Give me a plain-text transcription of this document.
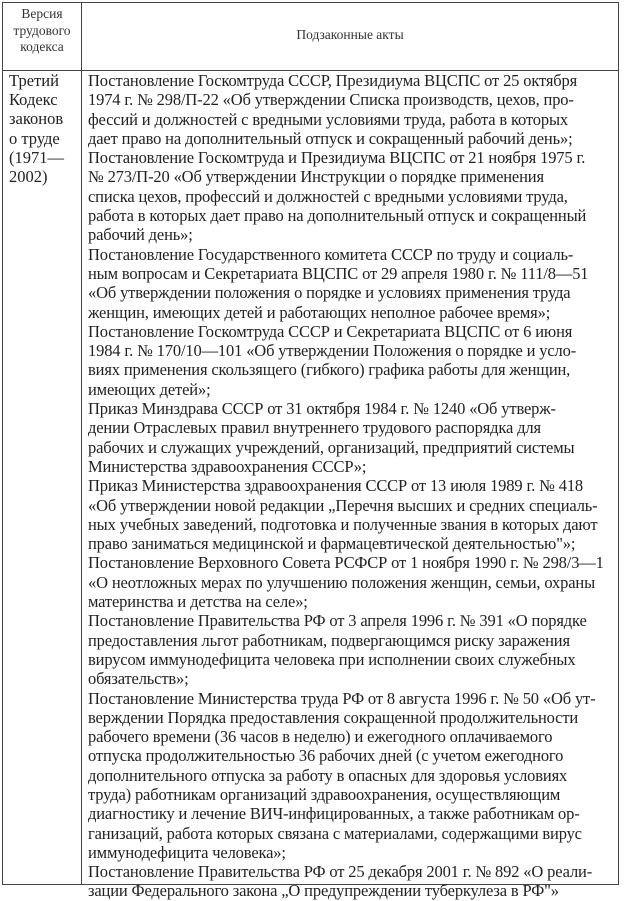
Версия
трудового
кодекса
Подзаконные акты
Третий
Кодекс
законов
о труде
(1971—
2002)
Постановление Госкомтруда СССР, Президиума ВЦСПС от 25 октября
1974 г. № 298/П-22 «Об утверждении Списка производств, цехов, про-
фессий и должностей с вредными условиями труда, работа в которых
дает право на дополнительный отпуск и сокращенный рабочий день»;
Постановление Госкомтруда и Президиума ВЦСПС от 21 ноября 1975 г.
№ 273/П-20 «Об утверждении Инструкции о порядке применения
списка цехов, профессий и должностей с вредными условиями труда,
работа в которых дает право на дополнительный отпуск и сокращенный
рабочий день»;
Постановление Государственного комитета СССР по труду и социаль-
ным вопросам и Секретариата ВЦСПС от 29 апреля 1980 г. № 111/8—51
«Об утверждении положения о порядке и условиях применения труда
женщин, имеющих детей и работающих неполное рабочее время»;
Постановление Госкомтруда СССР и Секретариата ВЦСПС от 6 июня
1984 г. № 170/10—101 «Об утверждении Положения о порядке и усло-
виях применения скользящего (гибкого) графика работы для женщин,
имеющих детей»;
Приказ Минздрава СССР от 31 октября 1984 г. № 1240 «Об утверж-
дении Отраслевых правил внутреннего трудового распорядка для
рабочих и служащих учреждений, организаций, предприятий системы
Министерства здравоохранения СССР»;
Приказ Министерства здравоохранения СССР от 13 июля 1989 г. № 418
«Об утверждении новой редакции „Перечня высших и средних специаль-
ных учебных заведений, подготовка и полученные звания в которых дают
право заниматься медицинской и фармацевтической деятельностью"»;
Постановление Верховного Совета РСФСР от 1 ноября 1990 г. № 298/3—1
«О неотложных мерах по улучшению положения женщин, семьи, охраны
материнства и детства на селе»;
Постановление Правительства РФ от 3 апреля 1996 г. № 391 «О порядке
предоставления льгот работникам, подвергающимся риску заражения
вирусом иммунодефицита человека при исполнении своих служебных
обязательств»;
Постановление Министерства труда РФ от 8 августа 1996 г. № 50 «Об ут-
верждении Порядка предоставления сокращенной продолжительности
рабочего времени (36 часов в неделю) и ежегодного оплачиваемого
отпуска продолжительностью 36 рабочих дней (с учетом ежегодного
дополнительного отпуска за работу в опасных для здоровья условиях
труда) работникам организаций здравоохранения, осуществляющим
диагностику и лечение ВИЧ-инфицированных, а также работникам ор-
ганизаций, работа которых связана с материалами, содержащими вирус
иммунодефицита человека»;
Постановление Правительства РФ от 25 декабря 2001 г. № 892 «О реали-
зации Федерального закона „О предупреждении туберкулеза в РФ"»
